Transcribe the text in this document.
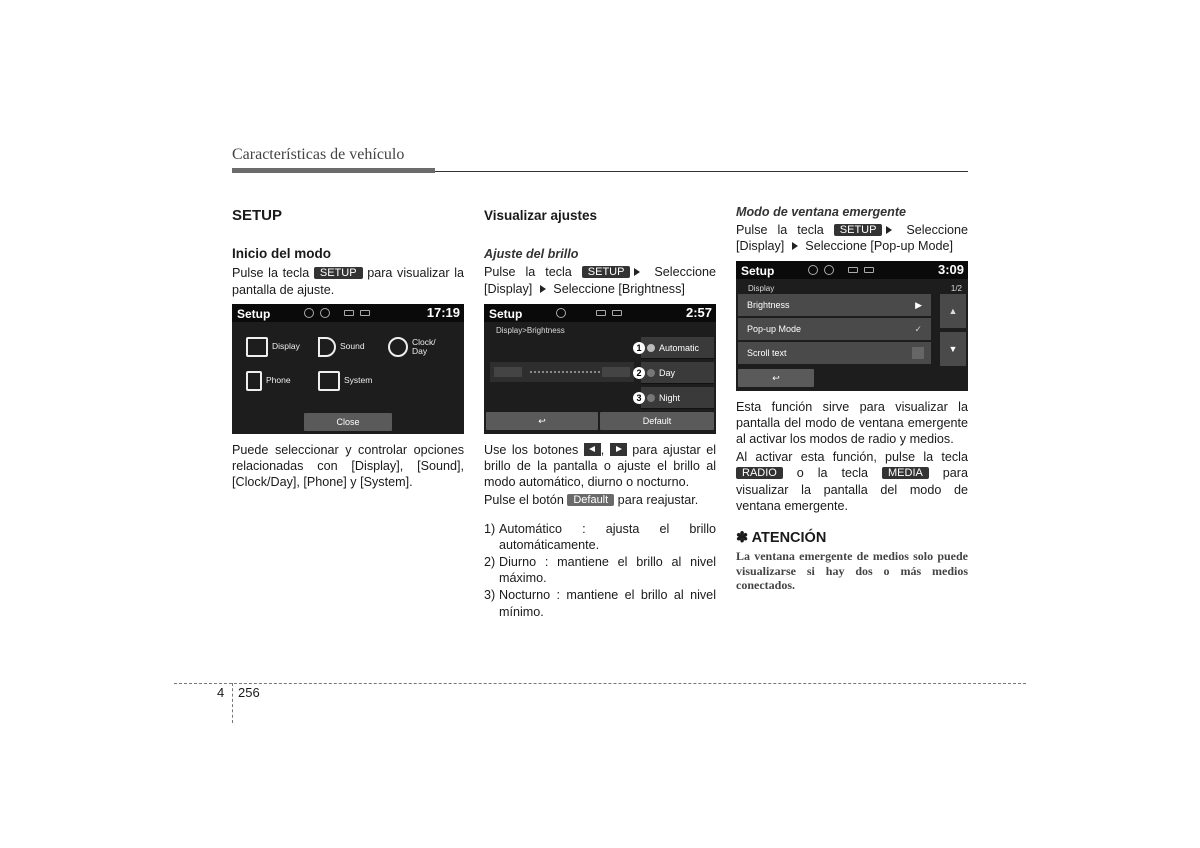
Características de vehículo
SETUP
Inicio del modo
Pulse la tecla SETUP para visualizar la pantalla de ajuste.
Setup	17:19
Display	Sound	Clock/ Day
Phone	System
Close
Puede seleccionar y controlar opciones relacionadas con [Display], [Sound], [Clock/Day], [Phone] y [System].
Visualizar ajustes
Ajuste del brillo
Pulse la tecla SETUP Seleccione [Display]  Seleccione [Brightness]
Setup	2:57
Display>Brightness
1	Automatic
2	Day
3	Night
↩	Default
Use los botones ,  para ajustar el brillo de la pantalla o ajuste el brillo al modo automático, diurno o nocturno.
Pulse el botón Default para reajustar.
1) Automático : ajusta el brillo automáticamente.
2) Diurno : mantiene el brillo al nivel máximo.
3) Nocturno : mantiene el brillo al nivel mínimo.
Modo de ventana emergente
Pulse la tecla SETUP Seleccione [Display]  Seleccione [Pop-up Mode]
Setup	3:09
Display	1/2
Brightness	▶
Pop-up Mode	✓
Scroll text
▲
▼
↩
Esta función sirve para visualizar la pantalla del modo de ventana emergente al activar los modos de radio y medios.
Al activar esta función, pulse la tecla RADIO o la tecla MEDIA para visualizar la pantalla del modo de ventana emergente.
✽ ATENCIÓN
La ventana emergente de medios solo puede visualizarse si hay dos o más medios conectados.
4 256
